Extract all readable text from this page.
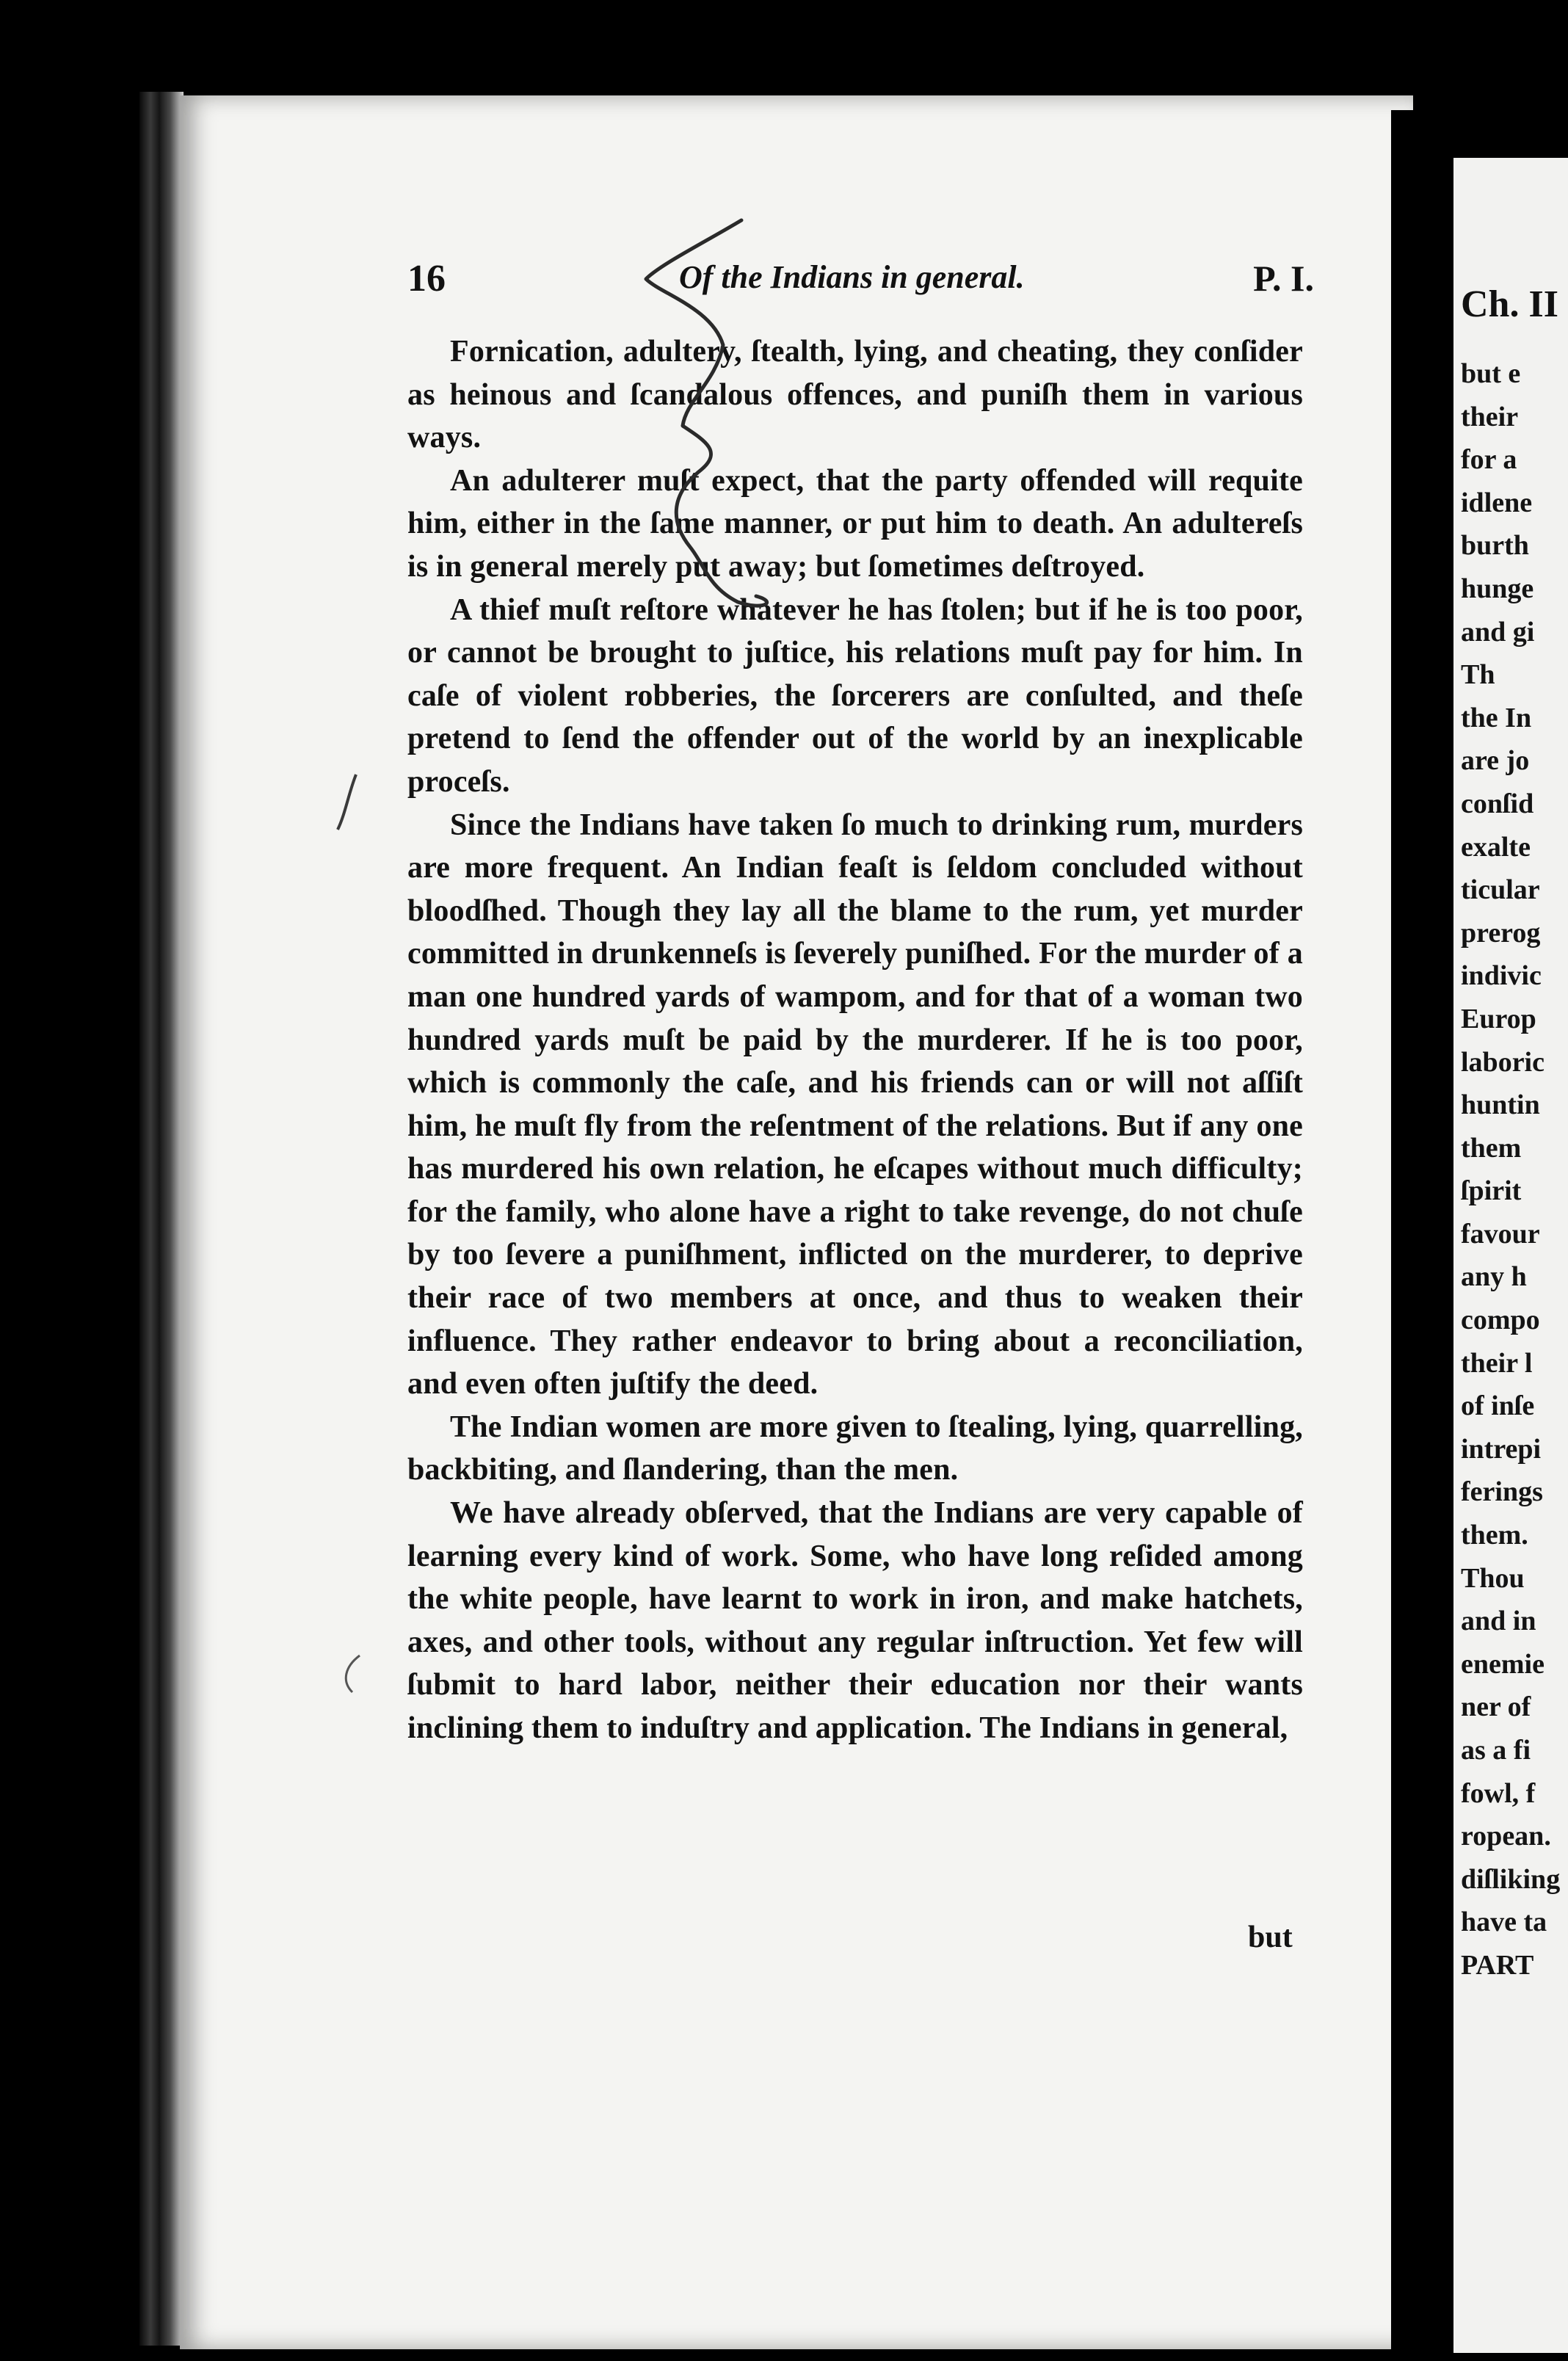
16	Of the Indians in general.	P. I.

Fornication, adultery, ſtealth, lying, and cheating, they conſider as heinous and ſcandalous offences, and puniſh them in various ways.

An adulterer muſt expect, that the party offended will requite him, either in the ſame manner, or put him to death. An adultereſs is in general merely put away; but ſometimes deſtroyed.

A thief muſt reſtore whatever he has ſtolen; but if he is too poor, or cannot be brought to juſtice, his relations muſt pay for him. In caſe of violent robberies, the ſorcerers are conſulted, and theſe pretend to ſend the offender out of the world by an inexplicable proceſs.

Since the Indians have taken ſo much to drinking rum, murders are more frequent. An Indian feaſt is ſeldom concluded without bloodſhed. Though they lay all the blame to the rum, yet murder committed in drunkenneſs is ſeverely puniſhed. For the murder of a man one hundred yards of wampom, and for that of a woman two hundred yards muſt be paid by the murderer. If he is too poor, which is commonly the caſe, and his friends can or will not aſſiſt him, he muſt fly from the reſentment of the relations. But if any one has murdered his own relation, he eſcapes without much difficulty; for the family, who alone have a right to take revenge, do not chuſe by too ſevere a puniſhment, inflicted on the murderer, to deprive their race of two members at once, and thus to weaken their influence. They rather endeavor to bring about a reconciliation, and even often juſtify the deed.

The Indian women are more given to ſtealing, lying, quarrelling, backbiting, and ſlandering, than the men.

We have already obſerved, that the Indians are very capable of learning every kind of work. Some, who have long reſided among the white people, have learnt to work in iron, and make hatchets, axes, and other tools, without any regular inſtruction. Yet few will ſubmit to hard labor, neither their education nor their wants inclining them to induſtry and application. The Indians in general,

but
Ch. II
but e
their
for a
idlene
burth
hunge
and gi
Th
the In
are jo
conſid
exalte
ticular
prerog
indivic
Europ
laboric
huntin
them
ſpirit
favour
any h
compo
their l
of inſe
intrepi
ferings
them.
Thou
and in
enemie
ner of
as a fi
fowl, f
ropean.
diſliking
have ta
PART
